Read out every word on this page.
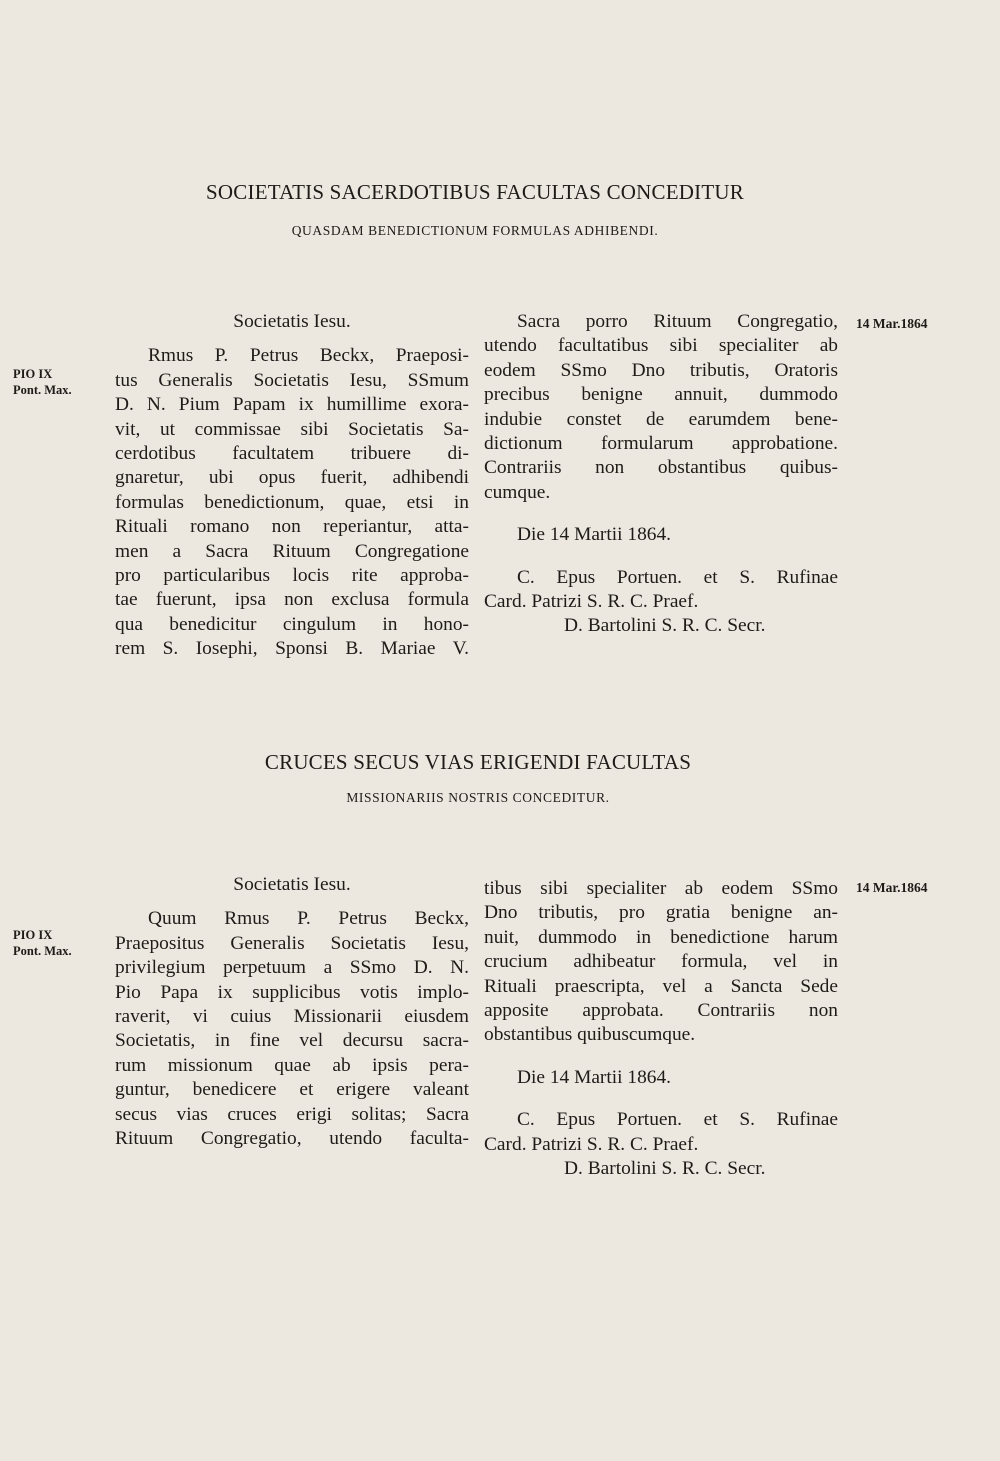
SOCIETATIS SACERDOTIBUS FACULTAS CONCEDITUR
QUASDAM BENEDICTIONUM FORMULAS ADHIBENDI.
PIO IX
Pont. Max.
14 Mar.1864
Societatis Iesu.
Rmus P. Petrus Beckx, Praeposi-
tus Generalis Societatis Iesu, SSmum
D. N. Pium Papam ix humillime exora-
vit, ut commissae sibi Societatis Sa-
cerdotibus facultatem tribuere di-
gnaretur, ubi opus fuerit, adhibendi
formulas benedictionum, quae, etsi in
Rituali romano non reperiantur, atta-
men a Sacra Rituum Congregatione
pro particularibus locis rite approba-
tae fuerunt, ipsa non exclusa formula
qua benedicitur cingulum in hono-
rem S. Iosephi, Sponsi B. Mariae V.
Sacra porro Rituum Congregatio,
utendo facultatibus sibi specialiter ab
eodem SSmo Dno tributis, Oratoris
precibus benigne annuit, dummodo
indubie constet de earumdem bene-
dictionum formularum approbatione.
Contrariis non obstantibus quibus-
cumque.
Die 14 Martii 1864.
C. Epus Portuen. et S. Rufinae
Card. Patrizi S. R. C. Praef.
D. Bartolini S. R. C. Secr.
CRUCES SECUS VIAS ERIGENDI FACULTAS
MISSIONARIIS NOSTRIS CONCEDITUR.
PIO IX
Pont. Max.
14 Mar.1864
Societatis Iesu.
Quum Rmus P. Petrus Beckx,
Praepositus Generalis Societatis Iesu,
privilegium perpetuum a SSmo D. N.
Pio Papa ix supplicibus votis implo-
raverit, vi cuius Missionarii eiusdem
Societatis, in fine vel decursu sacra-
rum missionum quae ab ipsis pera-
guntur, benedicere et erigere valeant
secus vias cruces erigi solitas; Sacra
Rituum Congregatio, utendo faculta-
tibus sibi specialiter ab eodem SSmo
Dno tributis, pro gratia benigne an-
nuit, dummodo in benedictione harum
crucium adhibeatur formula, vel in
Rituali praescripta, vel a Sancta Sede
apposite approbata. Contrariis non
obstantibus quibuscumque.
Die 14 Martii 1864.
C. Epus Portuen. et S. Rufinae
Card. Patrizi S. R. C. Praef.
D. Bartolini S. R. C. Secr.
